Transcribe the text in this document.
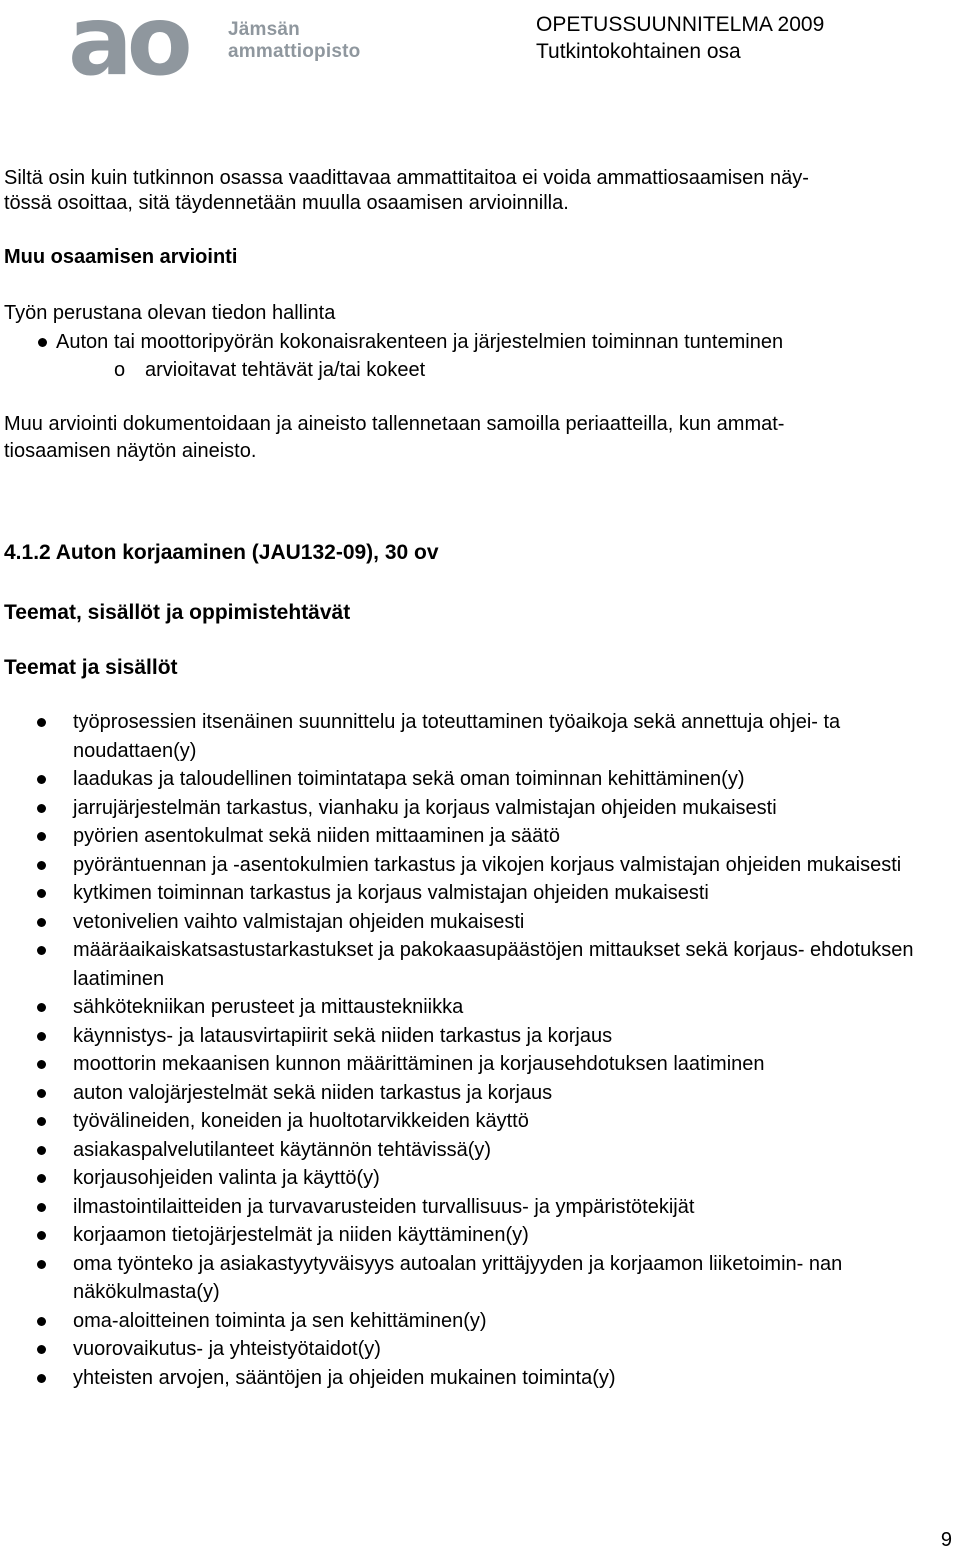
ao Jämsän
ammattiopisto
OPETUSSUUNNITELMA 2009
Tutkintokohtainen osa
Siltä osin kuin tutkinnon osassa vaadittavaa ammattitaitoa ei voida ammattiosaamisen näy-
tössä osoittaa, sitä täydennetään muulla osaamisen arvioinnilla.
Muu osaamisen arviointi
Työn perustana olevan tiedon hallinta
Auton tai moottoripyörän kokonaisrakenteen ja järjestelmien toiminnan tunteminen
o arvioitavat tehtävät ja/tai kokeet
Muu arviointi dokumentoidaan ja aineisto tallennetaan samoilla periaatteilla, kun ammat-
tiosaamisen näytön aineisto.
4.1.2 Auton korjaaminen (JAU132-09), 30 ov
Teemat, sisällöt ja oppimistehtävät
Teemat ja sisällöt
työprosessien itsenäinen suunnittelu ja toteuttaminen työaikoja sekä annettuja ohjei- ta noudattaen(y)
laadukas ja taloudellinen toimintatapa sekä oman toiminnan kehittäminen(y)
jarrujärjestelmän tarkastus, vianhaku ja korjaus valmistajan ohjeiden mukaisesti
pyörien asentokulmat sekä niiden mittaaminen ja säätö
pyöräntuennan ja -asentokulmien tarkastus ja vikojen korjaus valmistajan ohjeiden mukaisesti
kytkimen toiminnan tarkastus ja korjaus valmistajan ohjeiden mukaisesti
vetonivelien vaihto valmistajan ohjeiden mukaisesti
määräaikaiskatsastustarkastukset ja pakokaasupäästöjen mittaukset sekä korjaus- ehdotuksen laatiminen
sähkötekniikan perusteet ja mittaustekniikka
käynnistys- ja latausvirtapiirit sekä niiden tarkastus ja korjaus
moottorin mekaanisen kunnon määrittäminen ja korjausehdotuksen laatiminen
auton valojärjestelmät sekä niiden tarkastus ja korjaus
työvälineiden, koneiden ja huoltotarvikkeiden käyttö
asiakaspalvelutilanteet käytännön tehtävissä(y)
korjausohjeiden valinta ja käyttö(y)
ilmastointilaitteiden ja turvavarusteiden turvallisuus- ja ympäristötekijät
korjaamon tietojärjestelmät ja niiden käyttäminen(y)
oma työnteko ja asiakastyytyväisyys autoalan yrittäjyyden ja korjaamon liiketoimin- nan näkökulmasta(y)
oma-aloitteinen toiminta ja sen kehittäminen(y)
vuorovaikutus- ja yhteistyötaidot(y)
yhteisten arvojen, sääntöjen ja ohjeiden mukainen toiminta(y)
9
